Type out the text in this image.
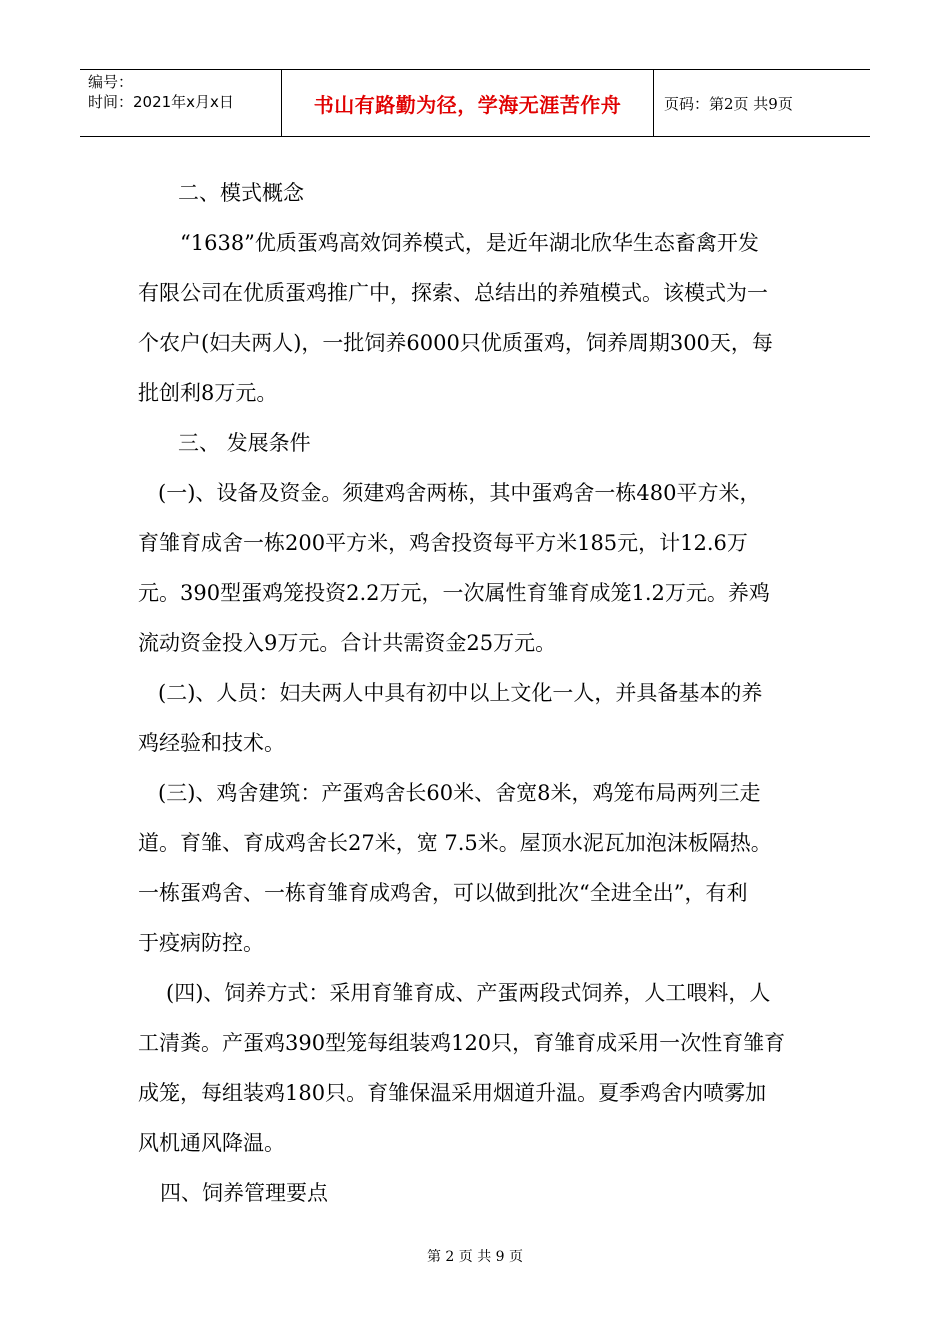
编号：
时间：2021年x月x日	书山有路勤为径，学海无涯苦作舟	页码：第2页 共9页

二、模式概念

“1638”优质蛋鸡高效饲养模式，是近年湖北欣华生态畜禽开发

有限公司在优质蛋鸡推广中，探索、总结出的养殖模式。该模式为一

个农户(妇夫两人)，一批饲养6000只优质蛋鸡，饲养周期300天，每

批创利8万元。

三、 发展条件

(一)、设备及资金。须建鸡舍两栋，其中蛋鸡舍一栋480平方米，

育雏育成舍一栋200平方米，鸡舍投资每平方米185元，计12.6万

元。390型蛋鸡笼投资2.2万元，一次属性育雏育成笼1.2万元。养鸡

流动资金投入9万元。合计共需资金25万元。

(二)、人员：妇夫两人中具有初中以上文化一人，并具备基本的养

鸡经验和技术。

(三)、鸡舍建筑：产蛋鸡舍长60米、舍宽8米，鸡笼布局两列三走

道。育雏、育成鸡舍长27米，宽 7.5米。屋顶水泥瓦加泡沫板隔热。

一栋蛋鸡舍、一栋育雏育成鸡舍，可以做到批次“全进全出”，有利

于疫病防控。

(四)、饲养方式：采用育雏育成、产蛋两段式饲养，人工喂料，人

工清粪。产蛋鸡390型笼每组装鸡120只，育雏育成采用一次性育雏育

成笼，每组装鸡180只。育雏保温采用烟道升温。夏季鸡舍内喷雾加

风机通风降温。

四、饲养管理要点

第 2 页 共 9 页
